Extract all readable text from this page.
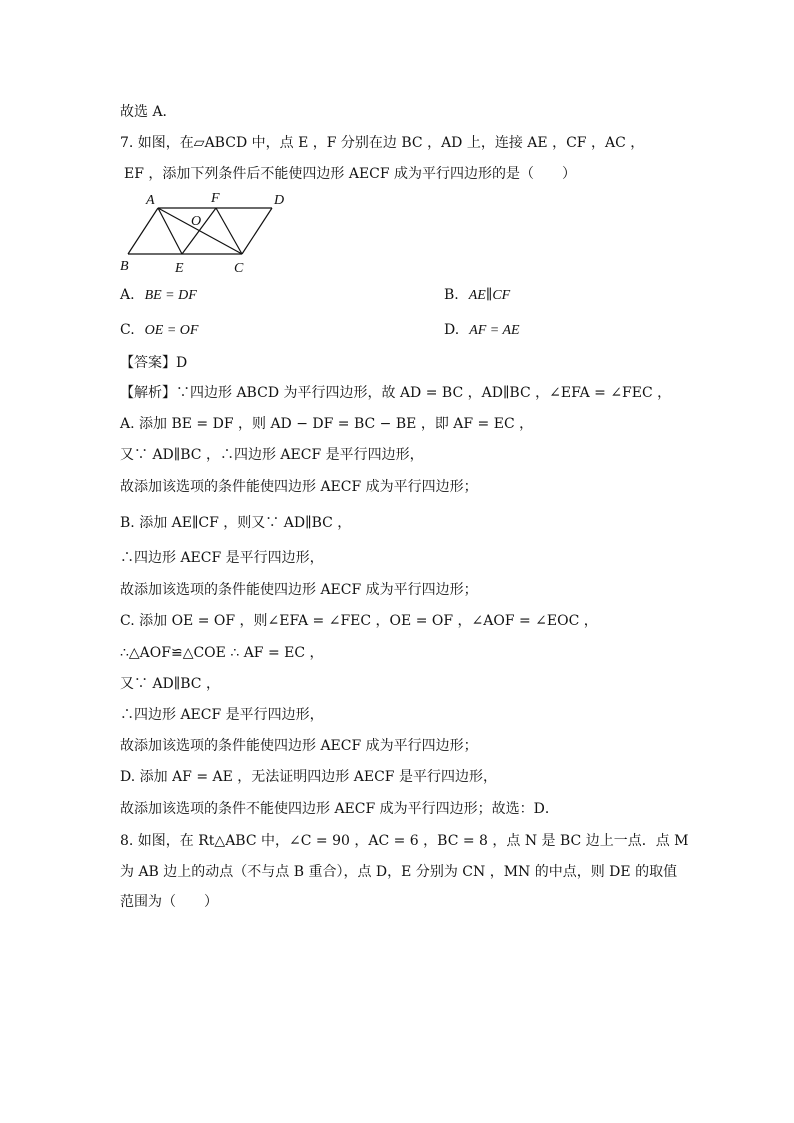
故选 A．
7. 如图，在▱ABCD 中，点 E ，F 分别在边 BC ，AD 上，连接 AE ，CF ，AC ，
EF ，添加下列条件后不能使四边形 AECF 成为平行四边形的是（　　）
A	F	D
O
B	E	C
A. BE = DF	B. AE∥CF
C. OE = OF	D. AF = AE
【答案】D
【解析】∵四边形 ABCD 为平行四边形，故 AD = BC ，AD∥BC ，∠EFA = ∠FEC ，
A. 添加 BE = DF ，则 AD − DF = BC − BE ，即 AF = EC ，
又∵ AD∥BC ，∴四边形 AECF 是平行四边形，
故添加该选项的条件能使四边形 AECF 成为平行四边形；
B. 添加 AE∥CF ，则又∵ AD∥BC ，
∴四边形 AECF 是平行四边形，
故添加该选项的条件能使四边形 AECF 成为平行四边形；
C. 添加 OE = OF ，则∠EFA = ∠FEC ，OE = OF ，∠AOF = ∠EOC ，
∴△AOF≌△COE ∴ AF = EC ，
又∵ AD∥BC ，
∴四边形 AECF 是平行四边形，
故添加该选项的条件能使四边形 AECF 成为平行四边形；
D. 添加 AF = AE ，无法证明四边形 AECF 是平行四边形，
故添加该选项的条件不能使四边形 AECF 成为平行四边形；故选：D．
8. 如图，在 Rt△ABC 中，∠C = 90 ，AC = 6 ，BC = 8 ，点 N 是 BC 边上一点．点 M
为 AB 边上的动点（不与点 B 重合），点 D，E 分别为 CN ，MN 的中点，则 DE 的取值
范围为（　　）
